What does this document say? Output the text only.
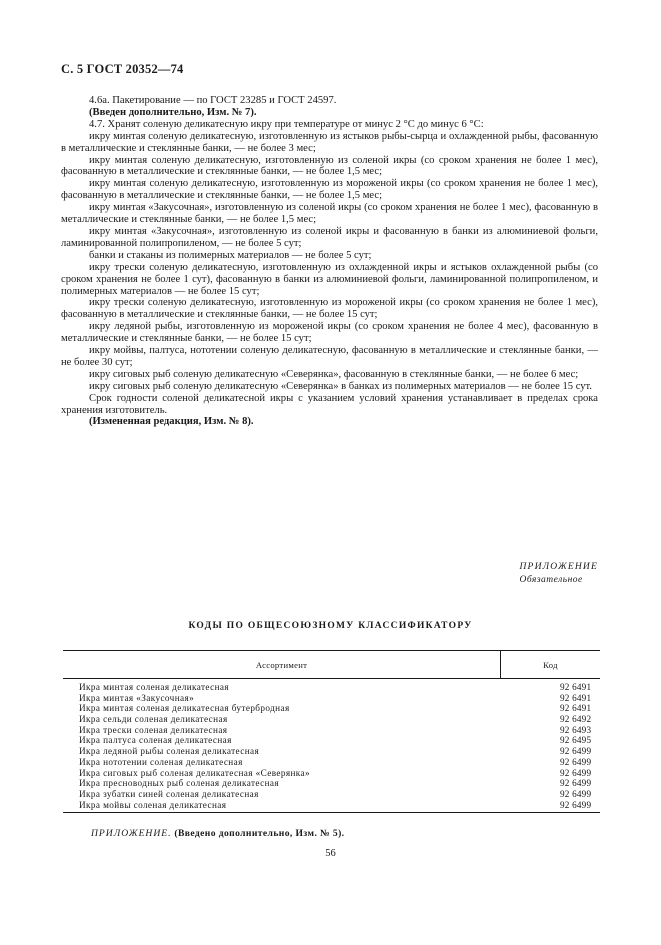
С. 5 ГОСТ 20352—74

4.6а. Пакетирование — по ГОСТ 23285 и ГОСТ 24597.

(Введен дополнительно, Изм. № 7).

4.7. Хранят соленую деликатесную икру при температуре от минус 2 °С до минус 6 °С:

икру минтая соленую деликатесную, изготовленную из ястыков рыбы-сырца и охлажденной рыбы, фасованную в металлические и стеклянные банки, — не более 3 мес;

икру минтая соленую деликатесную, изготовленную из соленой икры (со сроком хранения не более 1 мес), фасованную в металлические и стеклянные банки, — не более 1,5 мес;

икру минтая соленую деликатесную, изготовленную из мороженой икры (со сроком хранения не более 1 мес), фасованную в металлические и стеклянные банки, — не более 1,5 мес;

икру минтая «Закусочная», изготовленную из соленой икры (со сроком хранения не более 1 мес), фасованную в металлические и стеклянные банки, — не более 1,5 мес;

икру минтая «Закусочная», изготовленную из соленой икры и фасованную в банки из алюминиевой фольги, ламинированной полипропиленом, — не более 5 сут;

банки и стаканы из полимерных материалов — не более 5 сут;

икру трески соленую деликатесную, изготовленную из охлажденной икры и ястыков охлажденной рыбы (со сроком хранения не более 1 сут), фасованную в банки из алюминиевой фольги, ламинированной полипропиленом, и полимерных материалов — не более 15 сут;

икру трески соленую деликатесную, изготовленную из мороженой икры (со сроком хранения не более 1 мес), фасованную в металлические и стеклянные банки, — не более 15 сут;

икру ледяной рыбы, изготовленную из мороженой икры (со сроком хранения не более 4 мес), фасованную в металлические и стеклянные банки, — не более 15 сут;

икру мойвы, палтуса, нототении соленую деликатесную, фасованную в металлические и стеклянные банки, — не более 30 сут;

икру сиговых рыб соленую деликатесную «Северянка», фасованную в стеклянные банки, — не более 6 мес;

икру сиговых рыб соленую деликатесную «Северянка» в банках из полимерных материалов — не более 15 сут.

Срок годности соленой деликатесной икры с указанием условий хранения устанавливает в пределах срока хранения изготовитель.

(Измененная редакция, Изм. № 8).

ПРИЛОЖЕНИЕ
Обязательное
КОДЫ ПО ОБЩЕСОЮЗНОМУ КЛАССИФИКАТОРУ
Ассортимент	Код
Икра минтая соленая деликатесная	92 6491
Икра минтая «Закусочная»	92 6491
Икра минтая соленая деликатесная бутербродная	92 6491
Икра сельди соленая деликатесная	92 6492
Икра трески соленая деликатесная	92 6493
Икра палтуса соленая деликатесная	92 6495
Икра ледяной рыбы соленая деликатесная	92 6499
Икра нототении соленая деликатесная	92 6499
Икра сиговых рыб соленая деликатесная «Северянка»	92 6499
Икра пресноводных рыб соленая деликатесная	92 6499
Икра зубатки синей соленая деликатесная	92 6499
Икра мойвы соленая деликатесная	92 6499
ПРИЛОЖЕНИЕ. (Введено дополнительно, Изм. № 5).
56
